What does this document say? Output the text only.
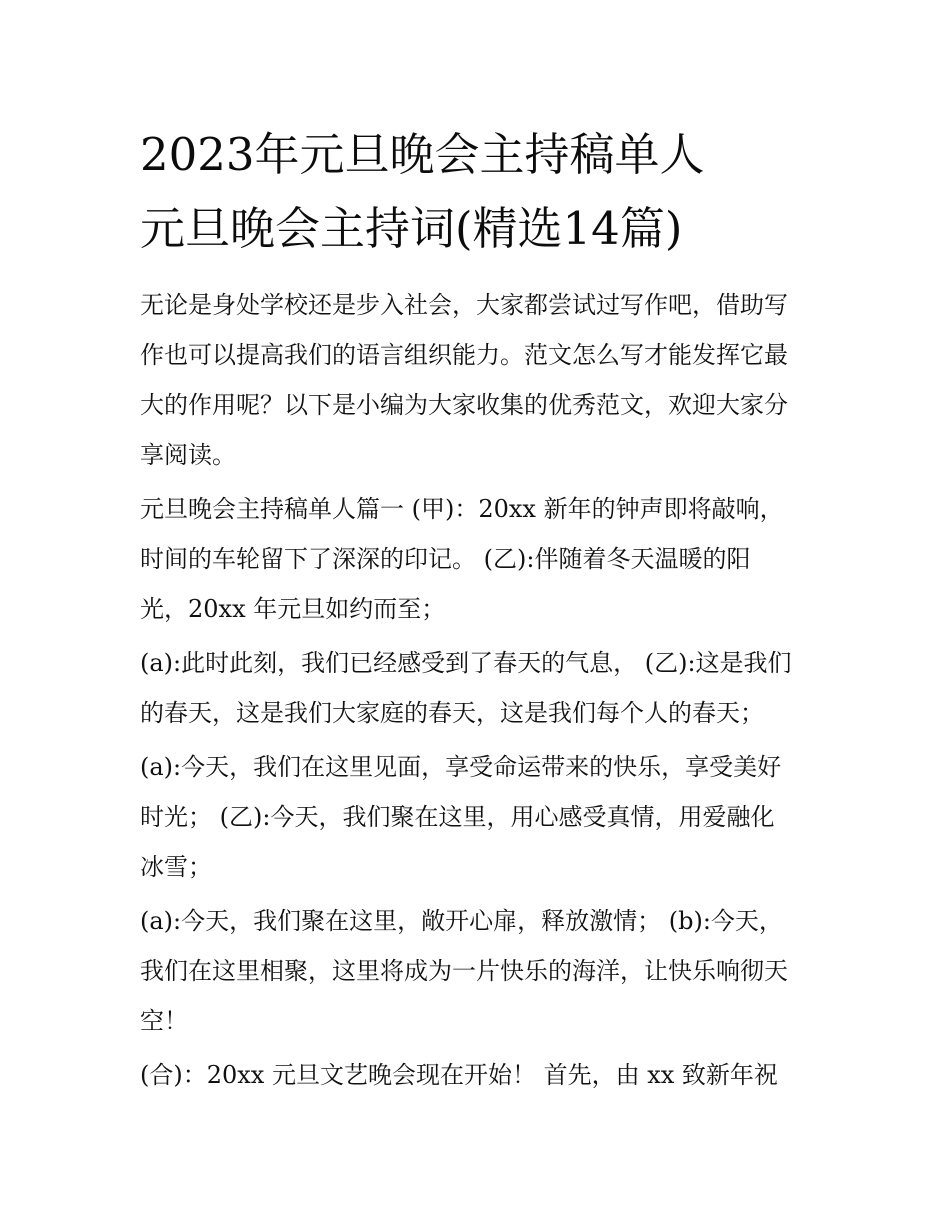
2023年元旦晚会主持稿单人
元旦晚会主持词(精选14篇)

无论是身处学校还是步入社会，大家都尝试过写作吧，借助写
作也可以提高我们的语言组织能力。范文怎么写才能发挥它最
大的作用呢？以下是小编为大家收集的优秀范文，欢迎大家分
享阅读。

元旦晚会主持稿单人篇一 (甲)：20xx 新年的钟声即将敲响，
时间的车轮留下了深深的印记。 (乙):伴随着冬天温暖的阳
光，20xx 年元旦如约而至；

(a):此时此刻，我们已经感受到了春天的气息， (乙):这是我们
的春天，这是我们大家庭的春天，这是我们每个人的春天；

(a):今天，我们在这里见面，享受命运带来的快乐，享受美好
时光； (乙):今天，我们聚在这里，用心感受真情，用爱融化
冰雪；

(a):今天，我们聚在这里，敞开心扉，释放激情； (b):今天，
我们在这里相聚，这里将成为一片快乐的海洋，让快乐响彻天
空！

(合)：20xx 元旦文艺晚会现在开始！ 首先，由 xx 致新年祝
